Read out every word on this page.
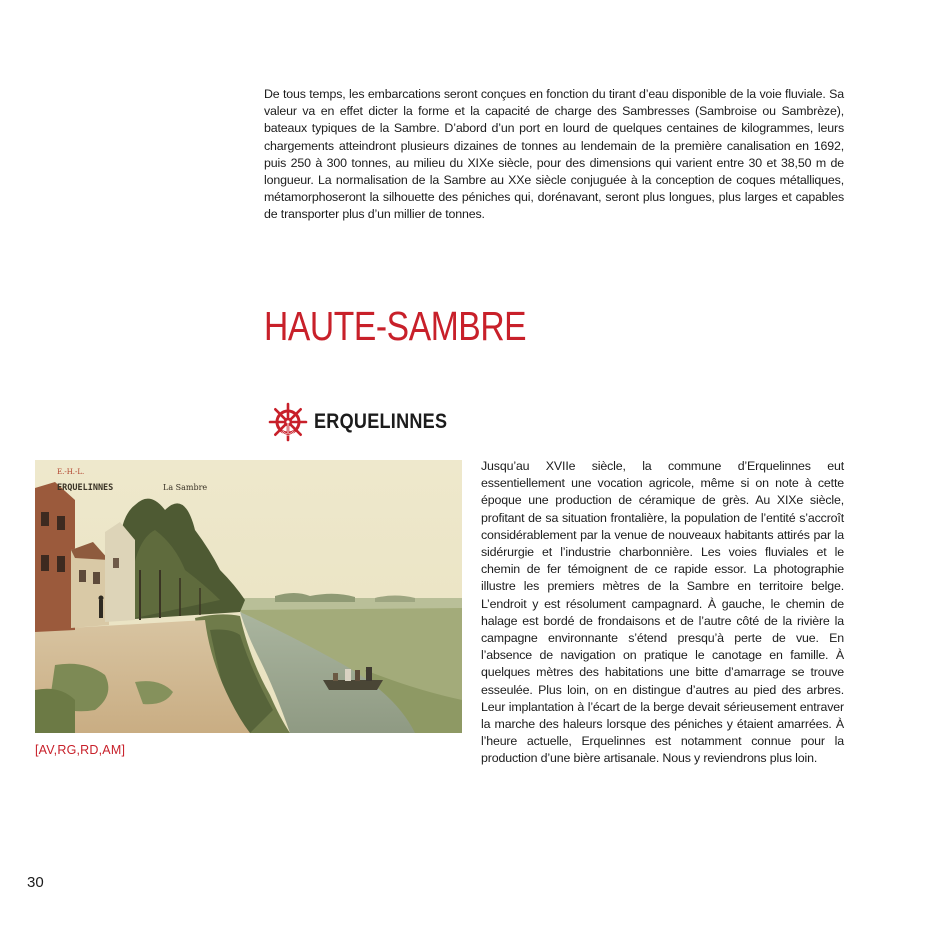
De tous temps, les embarcations seront conçues en fonction du tirant d’eau disponible de la voie fluviale. Sa valeur va en effet dicter la forme et la capacité de charge des Sambresses (Sambroise ou Sambrèze), bateaux typiques de la Sambre. D’abord d’un port en lourd de quelques centaines de kilogrammes, leurs chargements atteindront plusieurs dizaines de tonnes au lendemain de la première canalisation en 1692, puis 250 à 300 tonnes, au milieu du XIXe siècle, pour des dimensions qui varient entre 30 et 38,50 m de longueur. La normalisation de la Sambre au XXe siècle conjuguée à la conception de coques métalliques, métamorphoseront la silhouette des péniches qui, dorénavant, seront plus longues, plus larges et capables de transporter plus d’un millier de tonnes.

HAUTE-SAMBRE
ERQUELINNES
E.-H.-L.
ERQUELINNES	La Sambre

[AV,RG,RD,AM]

Jusqu’au XVIIe siècle, la commune d’Erquelinnes eut essentiellement une vocation agricole, même si on note à cette époque une production de céramique de grès. Au XIXe siècle, profitant de sa situation frontalière, la population de l’entité s’accroît considérablement par la venue de nouveaux habitants attirés par la sidérurgie et l’industrie charbonnière. Les voies fluviales et le chemin de fer témoignent de ce rapide essor. La photographie illustre les premiers mètres de la Sambre en territoire belge. L’endroit y est résolument campagnard. À gauche, le chemin de halage est bordé de frondaisons et de l’autre côté de la rivière la campagne environnante s’étend presqu’à perte de vue. En l’absence de navigation on pratique le canotage en famille. À quelques mètres des habitations une bitte d’amarrage se trouve esseulée. Plus loin, on en distingue d’autres au pied des arbres. Leur implantation à l’écart de la berge devait sérieusement entraver la marche des haleurs lorsque des péniches y étaient amarrées. À l’heure actuelle, Erquelinnes est notamment connue pour la production d’une bière artisanale. Nous y reviendrons plus loin.

30
